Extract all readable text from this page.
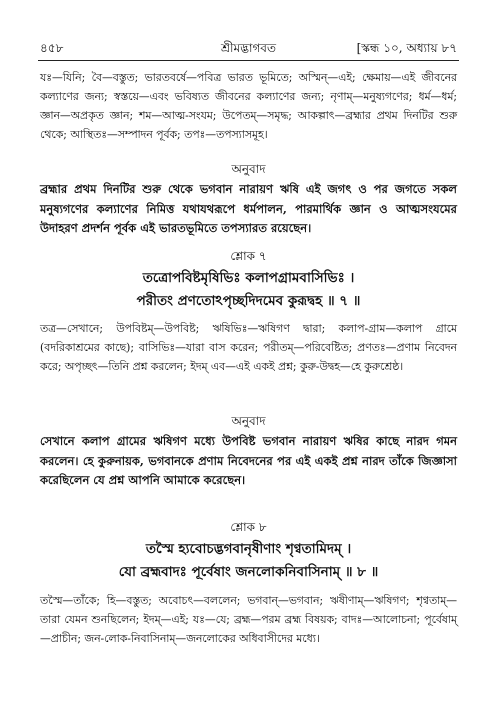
৪৫৮	শ্রীমদ্ভাগবত	[স্কন্ধ ১০, অধ্যায় ৮৭
যঃ—যিনি; বৈ—বস্তুত; ভারতবর্ষে—পবিত্র ভারত ভূমিতে; অস্মিন্—এই; ক্ষেমায়—এই জীবনের কল্যাণের জন্য; স্বস্তয়ে—এবং ভবিষ্যত জীবনের কল্যাণের জন্য; নৃণাম্—মনুষ্যগণের; ধর্ম—ধর্ম; জ্ঞান—অপ্রকৃত জ্ঞান; শম—আত্ম-সংযম; উপেতম্—সমৃদ্ধ; আকল্পাৎ—ব্রহ্মার প্রথম দিনটির শুরু থেকে; আস্থিতঃ—সম্পাদন পূর্বক; তপঃ—তপস্যাসমূহ।
অনুবাদ
ব্রহ্মার প্রথম দিনটির শুরু থেকে ভগবান নারায়ণ ঋষি এই জগৎ ও পর জগতে সকল মনুষ্যগণের কল্যাণের নিমিত্ত যথাযথরূপে ধর্মপালন, পারমার্থিক জ্ঞান ও আত্মসংযমের উদাহরণ প্রদর্শন পূর্বক এই ভারতভূমিতে তপস্যারত রয়েছেন।
শ্লোক ৭
তত্রোপবিষ্টমৃষিভিঃ কলাপগ্রামবাসিভিঃ ।
পরীতং প্রণতোঽপৃচ্ছদিদমেব কুরূদ্বহ ॥ ৭ ॥
তত্র—সেখানে; উপবিষ্টম্—উপবিষ্ট; ঋষিভিঃ—ঋষিগণ দ্বারা; কলাপ-গ্রাম—কলাপ গ্রামে (বদরিকাশ্রমের কাছে); বাসিভিঃ—যারা বাস করেন; পরীতম্—পরিবেষ্টিত; প্রণতঃ—প্রণাম নিবেদন করে; অপৃচ্ছৎ—তিনি প্রশ্ন করলেন; ইদম্ এব—এই একই প্রশ্ন; কুরু-উদ্বহ—হে কুরুশ্রেষ্ঠ।
অনুবাদ
সেখানে কলাপ গ্রামের ঋষিগণ মধ্যে উপবিষ্ট ভগবান নারায়ণ ঋষির কাছে নারদ গমন করলেন। হে কুরুনায়ক, ভগবানকে প্রণাম নিবেদনের পর এই একই প্রশ্ন নারদ তাঁকে জিজ্ঞাসা করেছিলেন যে প্রশ্ন আপনি আমাকে করেছেন।
শ্লোক ৮
তস্মৈ হ্যবোচদ্ভগবানৃষীণাং শৃণ্বতামিদম্ ।
যো ব্রহ্মবাদঃ পূর্বেষাং জনলোকনিবাসিনাম্ ॥ ৮ ॥
তস্মৈ—তাঁকে; হি—বস্তুত; অবোচৎ—বললেন; ভগবান্—ভগবান; ঋষীণাম্—ঋষিগণ; শৃণ্বতাম্—তারা যেমন শুনছিলেন; ইদম্—এই; যঃ—যে; ব্রহ্ম—পরম ব্রহ্ম বিষয়ক; বাদঃ—আলোচনা; পূর্বেষাম্—প্রাচীন; জন-লোক-নিবাসিনাম্—জনলোকের অধিবাসীদের মধ্যে।
